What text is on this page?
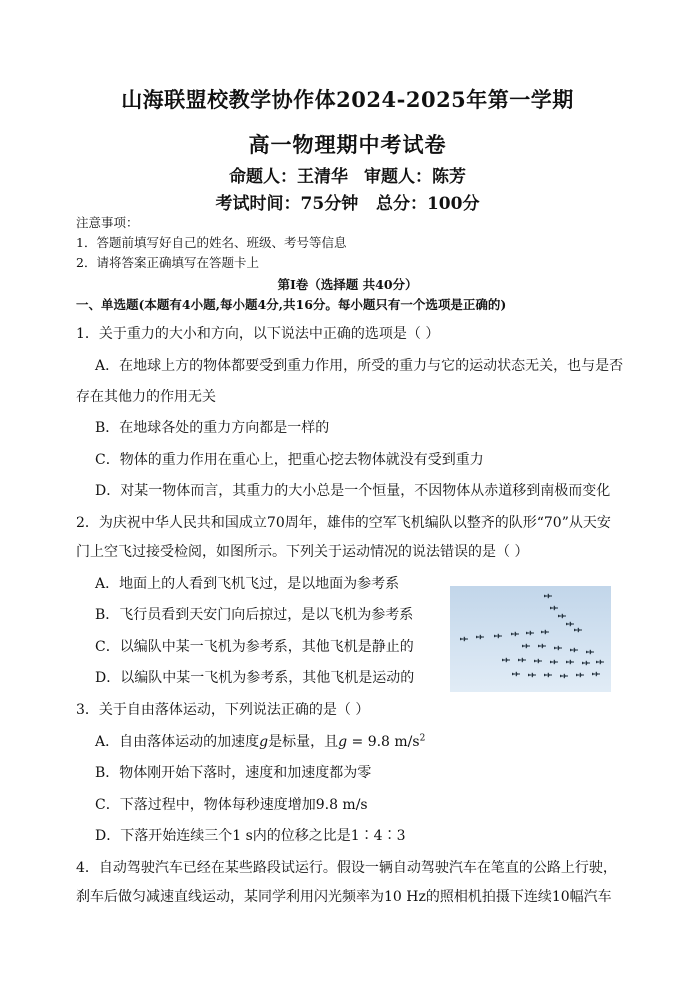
山海联盟校教学协作体2024-2025年第一学期
高一物理期中考试卷
命题人：王清华 审题人：陈芳
考试时间：75分钟   总分：100分
注意事项：
1．答题前填写好自己的姓名、班级、考号等信息
2．请将答案正确填写在答题卡上
第Ⅰ卷（选择题 共40分）
一、单选题(本题有4小题,每小题4分,共16分。每小题只有一个选项是正确的)
1．关于重力的大小和方向，以下说法中正确的选项是（ ）
A．在地球上方的物体都要受到重力作用，所受的重力与它的运动状态无关，也与是否
存在其他力的作用无关
B．在地球各处的重力方向都是一样的
C．物体的重力作用在重心上，把重心挖去物体就没有受到重力
D．对某一物体而言，其重力的大小总是一个恒量，不因物体从赤道移到南极而变化
2．为庆祝中华人民共和国成立70周年，雄伟的空军飞机编队以整齐的队形“70”从天安
门上空飞过接受检阅，如图所示。下列关于运动情况的说法错误的是（ ）
A．地面上的人看到飞机飞过，是以地面为参考系
B．飞行员看到天安门向后掠过，是以飞机为参考系
C．以编队中某一飞机为参考系，其他飞机是静止的
D．以编队中某一飞机为参考系，其他飞机是运动的
3．关于自由落体运动，下列说法正确的是（ ）
A．自由落体运动的加速度g是标量，且g = 9.8 $m/s^2$
B．物体刚开始下落时，速度和加速度都为零
C．下落过程中，物体每秒速度增加9.8 m/s
D．下落开始连续三个1 s内的位移之比是1∶4∶3
4．自动驾驶汽车已经在某些路段试运行。假设一辆自动驾驶汽车在笔直的公路上行驶，
刹车后做匀减速直线运动，某同学利用闪光频率为10 Hz的照相机拍摄下连续10幅汽车
